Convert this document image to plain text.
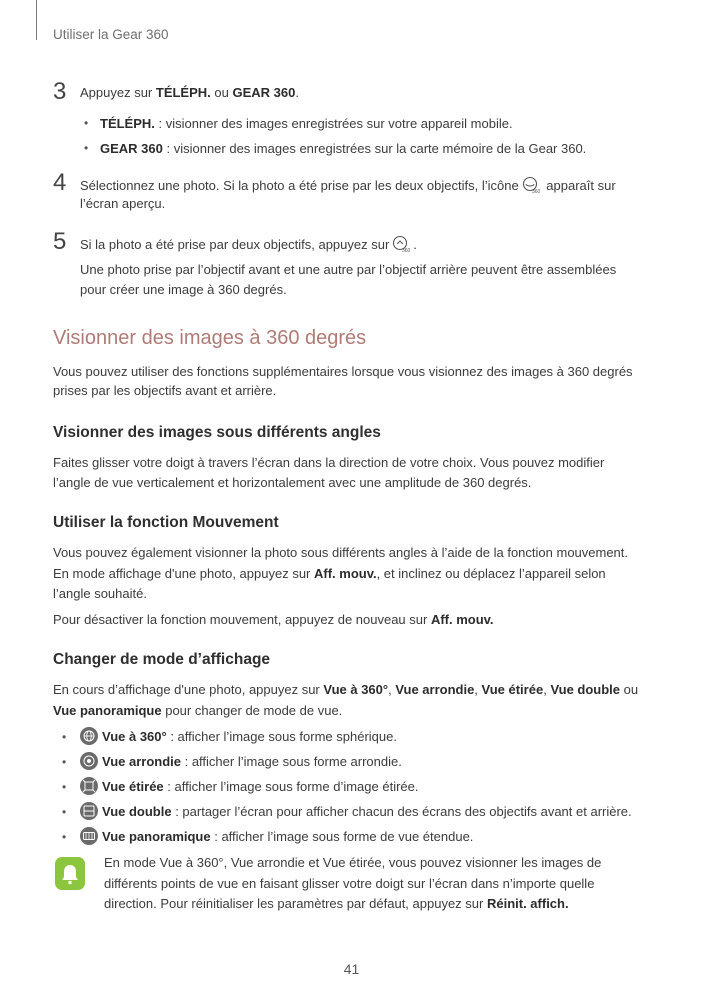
Utiliser la Gear 360
3 Appuyez sur TÉLÉPH. ou GEAR 360.
• TÉLÉPH. : visionner des images enregistrées sur votre appareil mobile.
• GEAR 360 : visionner des images enregistrées sur la carte mémoire de la Gear 360.
4 Sélectionnez une photo. Si la photo a été prise par les deux objectifs, l’icône	360 apparaît sur
l’écran aperçu.
5 Si la photo a été prise par deux objectifs, appuyez sur	360 .
Une photo prise par l’objectif avant et une autre par l’objectif arrière peuvent être assemblées
pour créer une image à 360 degrés.
Visionner des images à 360 degrés
Vous pouvez utiliser des fonctions supplémentaires lorsque vous visionnez des images à 360 degrés
prises par les objectifs avant et arrière.
Visionner des images sous différents angles
Faites glisser votre doigt à travers l’écran dans la direction de votre choix. Vous pouvez modifier
l’angle de vue verticalement et horizontalement avec une amplitude de 360 degrés.
Utiliser la fonction Mouvement
Vous pouvez également visionner la photo sous différents angles à l’aide de la fonction mouvement.
En mode affichage d'une photo, appuyez sur Aff. mouv., et inclinez ou déplacez l’appareil selon
l’angle souhaité.
Pour désactiver la fonction mouvement, appuyez de nouveau sur Aff. mouv.
Changer de mode d’affichage
En cours d’affichage d'une photo, appuyez sur Vue à 360°, Vue arrondie, Vue étirée, Vue double ou
Vue panoramique pour changer de mode de vue.
•	Vue à 360° : afficher l’image sous forme sphérique.
•	Vue arrondie : afficher l’image sous forme arrondie.
•	Vue étirée : afficher l’image sous forme d’image étirée.
•	Vue double : partager l’écran pour afficher chacun des écrans des objectifs avant et arrière.
•	Vue panoramique : afficher l’image sous forme de vue étendue.
En mode Vue à 360°, Vue arrondie et Vue étirée, vous pouvez visionner les images de
différents points de vue en faisant glisser votre doigt sur l’écran dans n’importe quelle
direction. Pour réinitialiser les paramètres par défaut, appuyez sur Réinit. affich.
41
